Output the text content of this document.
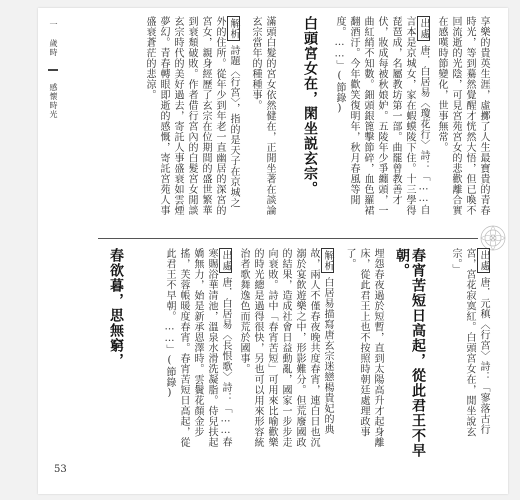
一 歲時  感懷時光	享樂的貴英生涯，虛擲了人生最寶貴的青春時光，等到驀然覺醒才恍然大悟，但已喚不回流逝的光陰，可見宮苑宮女的悲歡離合實在感嘆時節變化，世事無常。
出處唐．白居易〈瓊花行〉詩：「……自言本是京城女，家在蝦蟆陵下住。十三學得琵琶成，名屬教坊第一部。曲罷曾教善才伏，妝成每被秋娘妒。五陵年少爭纏頭，一曲紅綃不知數。鈿頭銀篦擊節碎，血色羅裙翻酒汙。今年歡笑復明年，秋月春風等閒度。……」(節錄)
白頭宮女在，閑坐説玄宗。
滿頭白髮的宮女依然健在，正閒坐著在談論玄宗當年的種種事。
解析詩題〈行宮〉，指的是天子在京城之外的住所。從年少到年老一直幽居的深宮的宮女，親身經歷了玄宗在位期間的盛世繁華到衰頹破敗。作者借行宮內的白髮宮女閒談玄宗時代的美好過去，寄託人事盛衰如雲煙夢幻。青春轉眼即逝的感慨，寄託宮苑人事盛衰蒼茫的悲涼。
出處唐．元稹〈行宮〉詩：「寥落古行宮，宮花寂寞紅。白頭宮女在，閒坐說玄宗。」
春宵苦短日高起，從此君王不早朝。
埋怨春夜過於短暫，直到太陽高升才起身離床，從此君王上也不按照時朝廷處理政事了。
解析白居易描寫唐玄宗迷戀楊貴妃的典故，兩人不僅春夜晚共度春宵，連白日也沉溺於宴飲遊樂之中，形影難分。但荒廢國政的結果，造成社會日益動亂，國家一步步走向衰敗。詩中「春宵苦短」可用來比喻歡樂的時光總是過得很快，另也可以用來形容統治者歌舞逸色而荒於國事。
出處唐．白居易〈長恨歌〉詩：「……春寒賜浴華清池，溫泉水滑洗凝脂。侍兒扶起嬌無力，始是新承恩澤時。雲鬢花顏金步搖，芙蓉帳暖度春宵。春宵苦短日高起，從此君王不早朝。……」(節錄)
春欲暮，思無窮，
53
